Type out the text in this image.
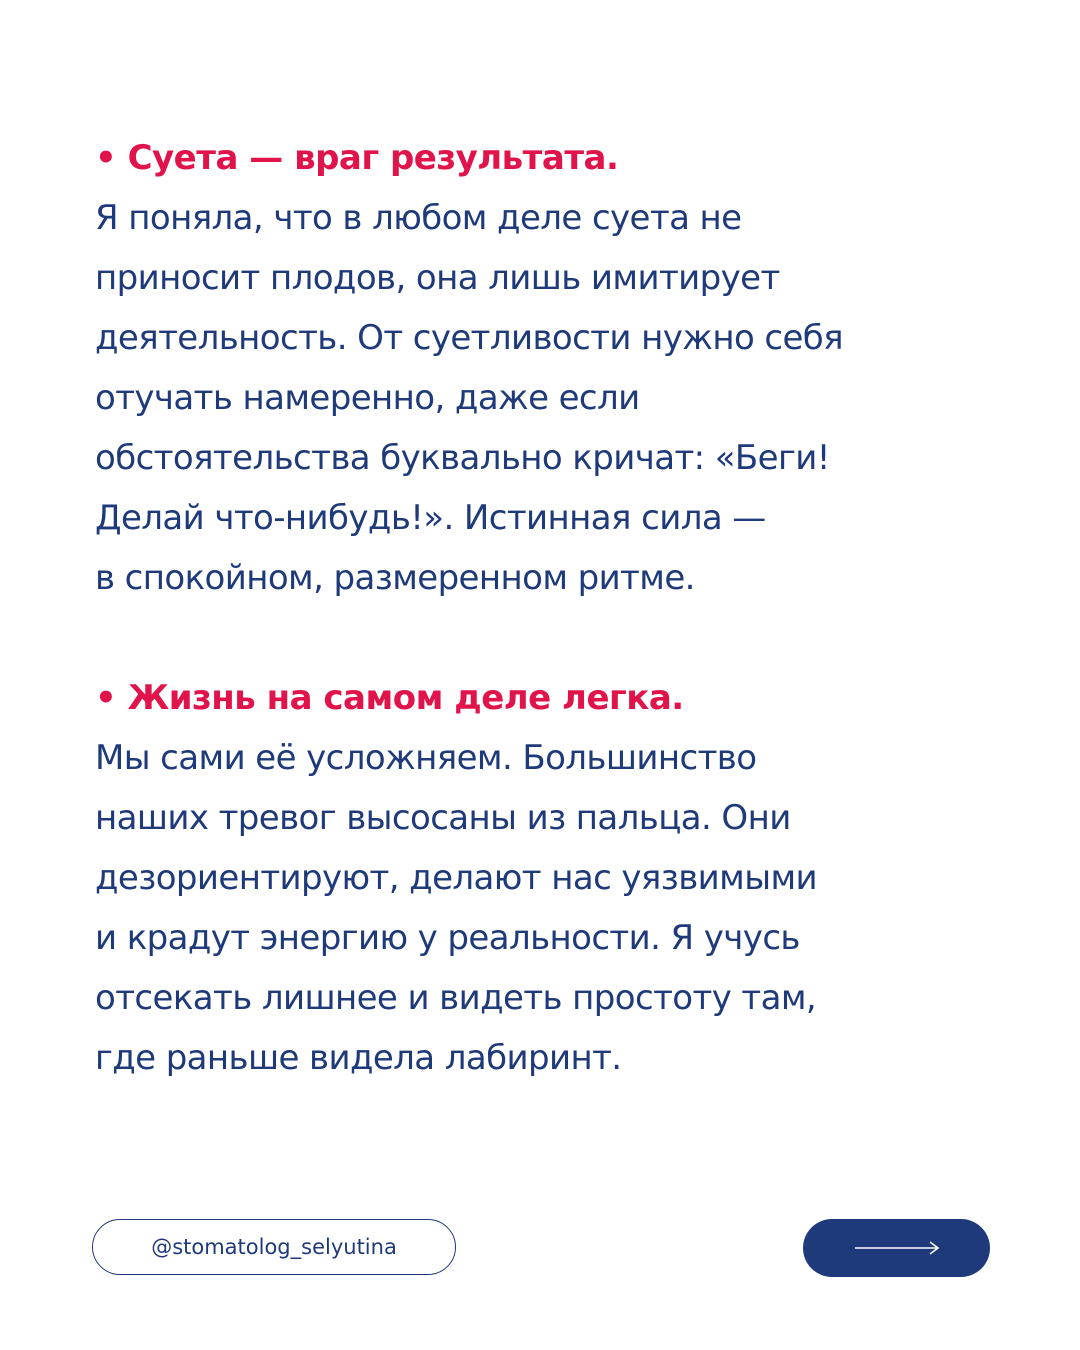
• Суета — враг результата.
Я поняла, что в любом деле суета не
приносит плодов, она лишь имитирует
деятельность. От суетливости нужно себя
отучать намеренно, даже если
обстоятельства буквально кричат: «Беги!
Делай что-нибудь!». Истинная сила —
в спокойном, размеренном ритме.
• Жизнь на самом деле легка.
Мы сами её усложняем. Большинство
наших тревог высосаны из пальца. Они
дезориентируют, делают нас уязвимыми
и крадут энергию у реальности. Я учусь
отсекать лишнее и видеть простоту там,
где раньше видела лабиринт.
@stomatolog_selyutina
